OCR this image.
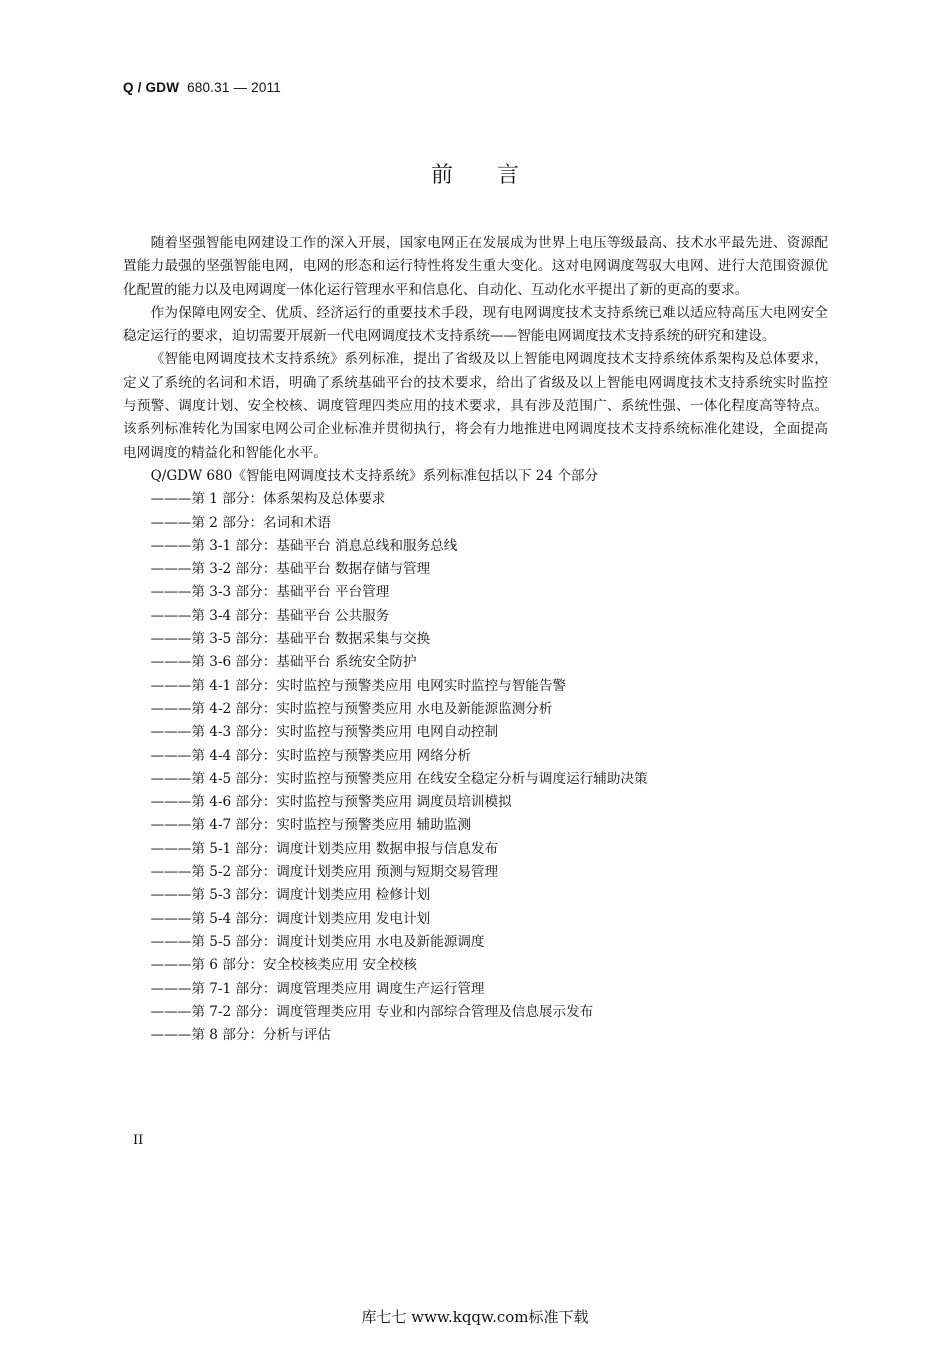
Q / GDW 680.31 — 2011
前言

随着坚强智能电网建设工作的深入开展，国家电网正在发展成为世界上电压等级最高、技术水平最先进、资源配置能力最强的坚强智能电网，电网的形态和运行特性将发生重大变化。这对电网调度驾驭大电网、进行大范围资源优化配置的能力以及电网调度一体化运行管理水平和信息化、自动化、互动化水平提出了新的更高的要求。

作为保障电网安全、优质、经济运行的重要技术手段，现有电网调度技术支持系统已难以适应特高压大电网安全稳定运行的要求，迫切需要开展新一代电网调度技术支持系统——智能电网调度技术支持系统的研究和建设。

《智能电网调度技术支持系统》系列标准，提出了省级及以上智能电网调度技术支持系统体系架构及总体要求，定义了系统的名词和术语，明确了系统基础平台的技术要求，给出了省级及以上智能电网调度技术支持系统实时监控与预警、调度计划、安全校核、调度管理四类应用的技术要求，具有涉及范围广、系统性强、一体化程度高等特点。该系列标准转化为国家电网公司企业标准并贯彻执行，将会有力地推进电网调度技术支持系统标准化建设，全面提高电网调度的精益化和智能化水平。

Q/GDW 680《智能电网调度技术支持系统》系列标准包括以下 24 个部分

———第 1 部分：体系架构及总体要求
———第 2 部分：名词和术语
———第 3-1 部分：基础平台 消息总线和服务总线
———第 3-2 部分：基础平台 数据存储与管理
———第 3-3 部分：基础平台 平台管理
———第 3-4 部分：基础平台 公共服务
———第 3-5 部分：基础平台 数据采集与交换
———第 3-6 部分：基础平台 系统安全防护
———第 4-1 部分：实时监控与预警类应用 电网实时监控与智能告警
———第 4-2 部分：实时监控与预警类应用 水电及新能源监测分析
———第 4-3 部分：实时监控与预警类应用 电网自动控制
———第 4-4 部分：实时监控与预警类应用 网络分析
———第 4-5 部分：实时监控与预警类应用 在线安全稳定分析与调度运行辅助决策
———第 4-6 部分：实时监控与预警类应用 调度员培训模拟
———第 4-7 部分：实时监控与预警类应用 辅助监测
———第 5-1 部分：调度计划类应用 数据申报与信息发布
———第 5-2 部分：调度计划类应用 预测与短期交易管理
———第 5-3 部分：调度计划类应用 检修计划
———第 5-4 部分：调度计划类应用 发电计划
———第 5-5 部分：调度计划类应用 水电及新能源调度
———第 6 部分：安全校核类应用 安全校核
———第 7-1 部分：调度管理类应用 调度生产运行管理
———第 7-2 部分：调度管理类应用 专业和内部综合管理及信息展示发布
———第 8 部分：分析与评估
II
库七七 www.kqqw.com标准下载
